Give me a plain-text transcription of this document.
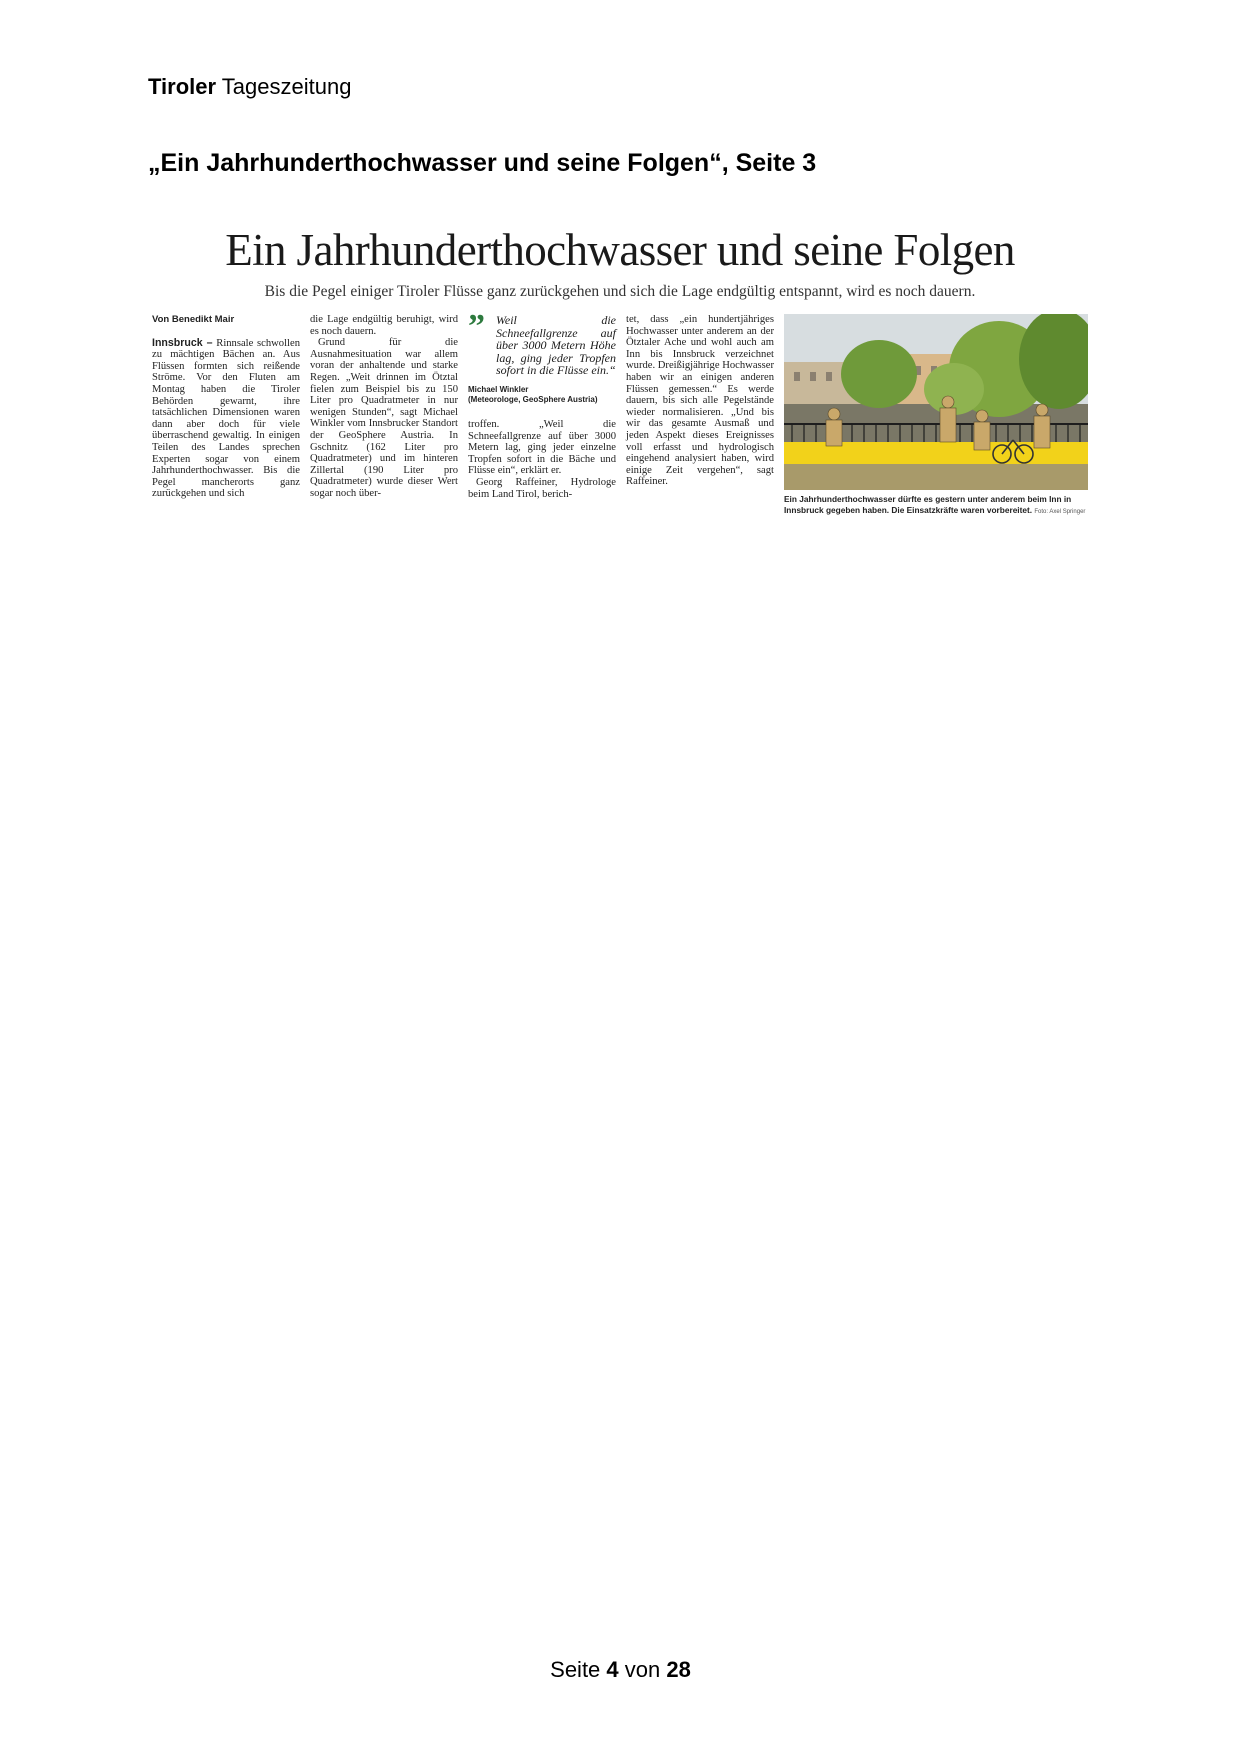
Tiroler Tageszeitung
„Ein Jahrhunderthochwasser und seine Folgen“, Seite 3
Ein Jahrhunderthochwasser und seine Folgen
Bis die Pegel einiger Tiroler Flüsse ganz zurückgehen und sich die Lage endgültig entspannt, wird es noch dauern.
Von Benedikt Mair

Innsbruck – Rinnsale schwollen zu mächtigen Bächen an. Aus Flüssen formten sich reißende Ströme. Vor den Fluten am Montag haben die Tiroler Behörden gewarnt, ihre tatsächlichen Dimensionen waren dann aber doch für viele überraschend gewaltig. In einigen Teilen des Landes sprechen Experten sogar von einem Jahrhunderthochwasser. Bis die Pegel mancherorts ganz zurückgehen und sich

die Lage endgültig beruhigt, wird es noch dauern.

Grund für die Ausnahmesituation war allem voran der anhaltende und starke Regen. „Weit drinnen im Ötztal fielen zum Beispiel bis zu 150 Liter pro Quadratmeter in nur wenigen Stunden“, sagt Michael Winkler vom Innsbrucker Standort der GeoSphere Austria. In Gschnitz (162 Liter pro Quadratmeter) und im hinteren Zillertal (190 Liter pro Quadratmeter) wurde dieser Wert sogar noch über-

” Weil die Schneefallgrenze auf über 3000 Metern Höhe lag, ging jeder Tropfen sofort in die Flüsse ein.“
Michael Winkler
(Meteorologe, GeoSphere Austria)

troffen. „Weil die Schneefallgrenze auf über 3000 Metern lag, ging jeder einzelne Tropfen sofort in die Bäche und Flüsse ein“, erklärt er.

Georg Raffeiner, Hydrologe beim Land Tirol, berich-

tet, dass „ein hundertjähriges Hochwasser unter anderem an der Ötztaler Ache und wohl auch am Inn bis Innsbruck verzeichnet wurde. Dreißigjährige Hochwasser haben wir an einigen anderen Flüssen gemessen.“ Es werde dauern, bis sich alle Pegelstände wieder normalisieren. „Und bis wir das gesamte Ausmaß und jeden Aspekt dieses Ereignisses voll erfasst und hydrologisch eingehend analysiert haben, wird einige Zeit vergehen“, sagt Raffeiner.

Ein Jahrhunderthochwasser dürfte es gestern unter anderem beim Inn in Innsbruck gegeben haben. Die Einsatzkräfte waren vorbereitet. Foto: Axel Springer
Seite 4 von 28
